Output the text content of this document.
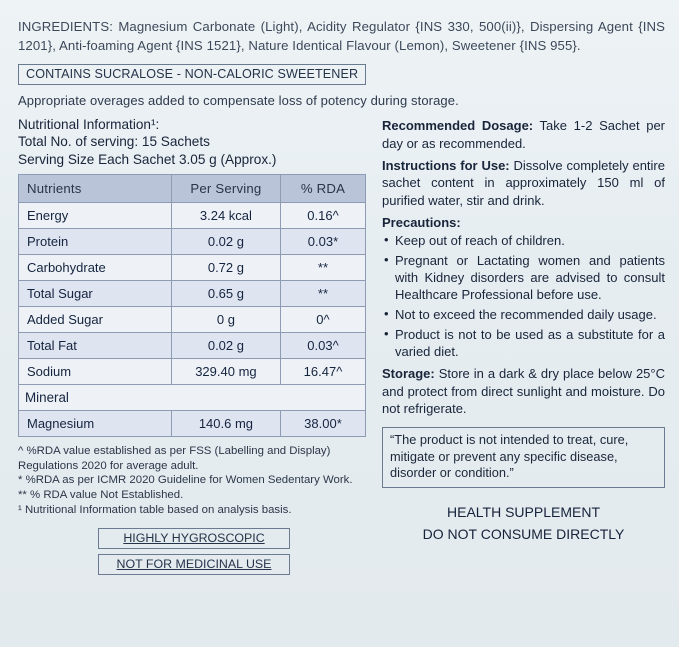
INGREDIENTS: Magnesium Carbonate (Light), Acidity Regulator {INS 330, 500(ii)}, Dispersing Agent {INS 1201}, Anti-foaming Agent {INS 1521}, Nature Identical Flavour (Lemon), Sweetener {INS 955}.
CONTAINS SUCRALOSE - NON-CALORIC SWEETENER
Appropriate overages added to compensate loss of potency during storage.
Nutritional Information¹:
Total No. of serving: 15 Sachets
Serving Size Each Sachet 3.05 g (Approx.)
Nutrients	Per Serving	% RDA
Energy	3.24 kcal	0.16^
Protein	0.02 g	0.03*
Carbohydrate	0.72 g	**
Total Sugar	0.65 g	**
Added Sugar	0 g	0^
Total Fat	0.02 g	0.03^
Sodium	329.40 mg	16.47^
Mineral		
Magnesium	140.6 mg	38.00*
^ %RDA value established as per FSS (Labelling and Display) Regulations 2020 for average adult.
* %RDA as per ICMR 2020 Guideline for Women Sedentary Work.
** % RDA value Not Established.
¹ Nutritional Information table based on analysis basis.
HIGHLY HYGROSCOPIC NOT FOR MEDICINAL USE
Recommended Dosage: Take 1-2 Sachet per day or as recommended.
Instructions for Use: Dissolve completely entire sachet content in approximately 150 ml of purified water, stir and drink.
Precautions:
• Keep out of reach of children.
• Pregnant or Lactating women and patients with Kidney disorders are advised to consult Healthcare Professional before use.
• Not to exceed the recommended daily usage.
• Product is not to be used as a substitute for a varied diet.
Storage: Store in a dark & dry place below 25°C and protect from direct sunlight and moisture. Do not refrigerate.
“The product is not intended to treat, cure, mitigate or prevent any specific disease, disorder or condition.”
HEALTH SUPPLEMENT
DO NOT CONSUME DIRECTLY
